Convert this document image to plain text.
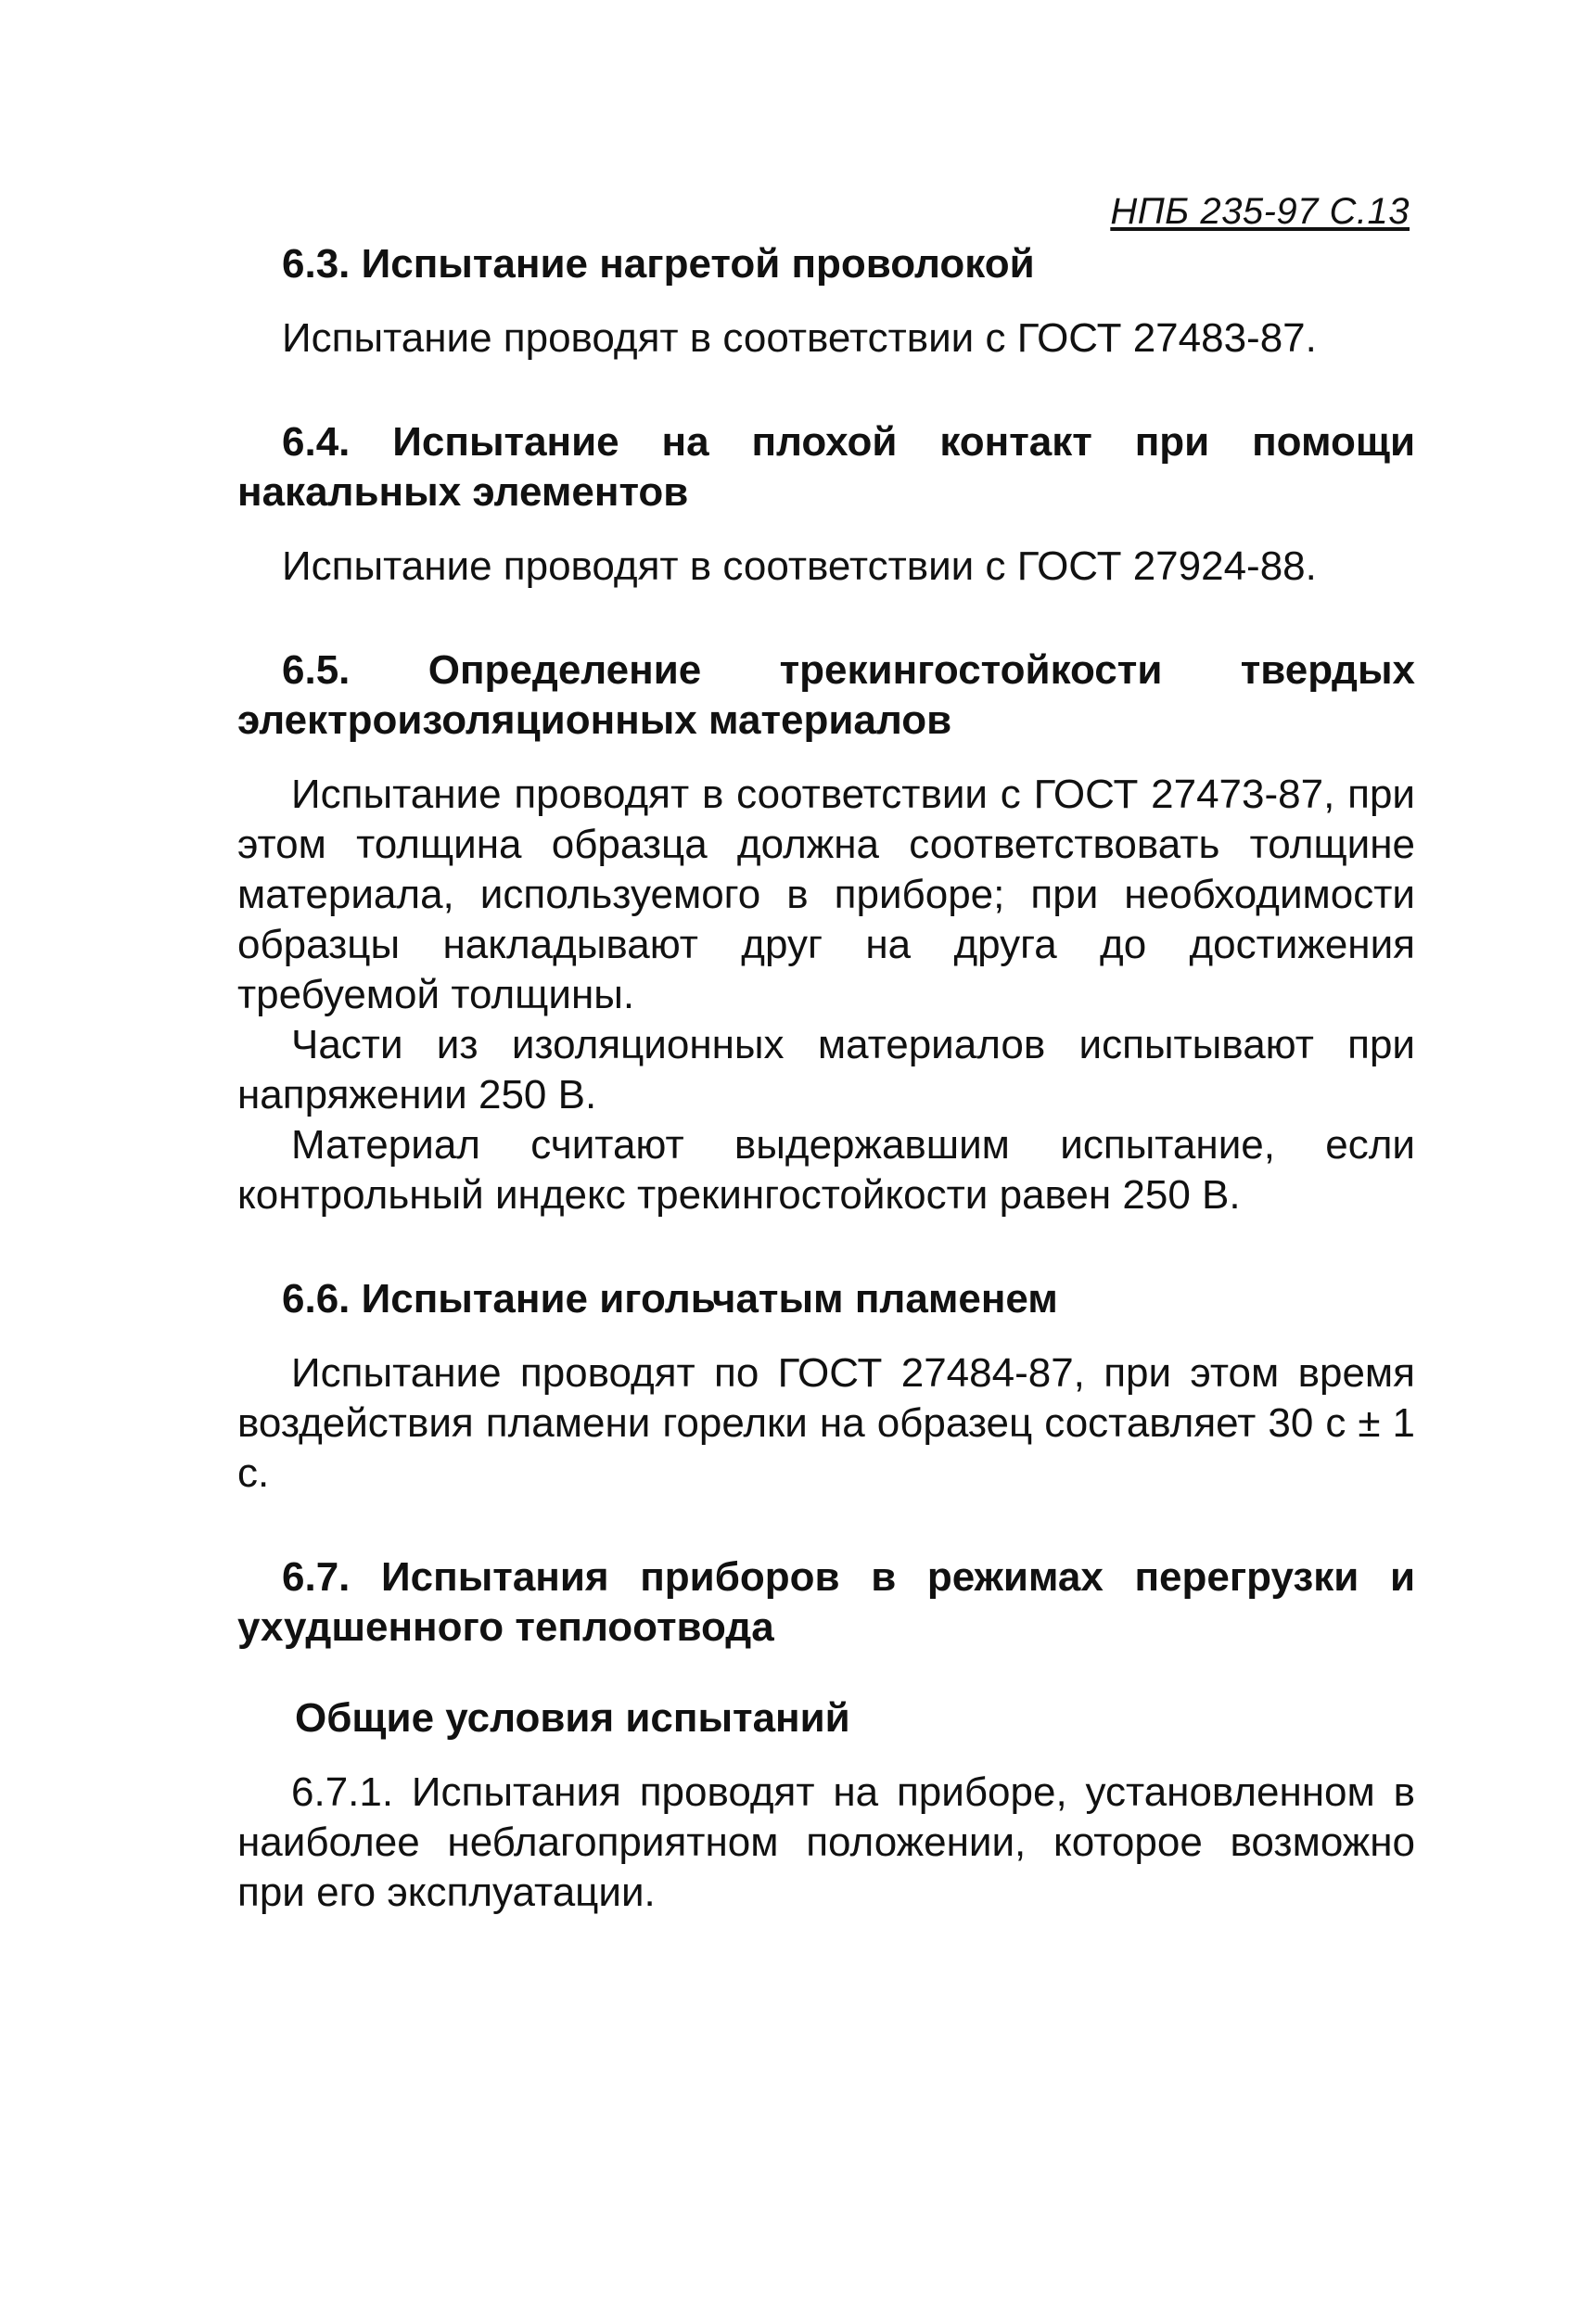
НПБ 235-97 С.13

6.3. Испытание нагретой проволокой

Испытание проводят в соответствии с ГОСТ 27483-87.

6.4. Испытание на плохой контакт при помощи накальных элементов

Испытание проводят в соответствии с ГОСТ 27924-88.

6.5. Определение трекингостойкости твердых электроизоляционных материалов

Испытание проводят в соответствии с ГОСТ 27473-87, при этом толщина образца должна соответствовать толщине материала, используемого в приборе; при необходимости образцы накладывают друг на друга до достижения требуемой толщины.

Части из изоляционных материалов испытывают при напряжении 250 В.

Материал считают выдержавшим испытание, если контрольный индекс трекингостойкости равен 250 В.

6.6. Испытание игольчатым пламенем

Испытание проводят по ГОСТ 27484-87, при этом время воздействия пламени горелки на образец составляет 30 с ± 1 с.

6.7. Испытания приборов в режимах перегрузки и ухудшенного теплоотвода

Общие условия испытаний

6.7.1. Испытания проводят на приборе, установленном в наиболее неблагоприятном положении, которое возможно при его эксплуатации.
